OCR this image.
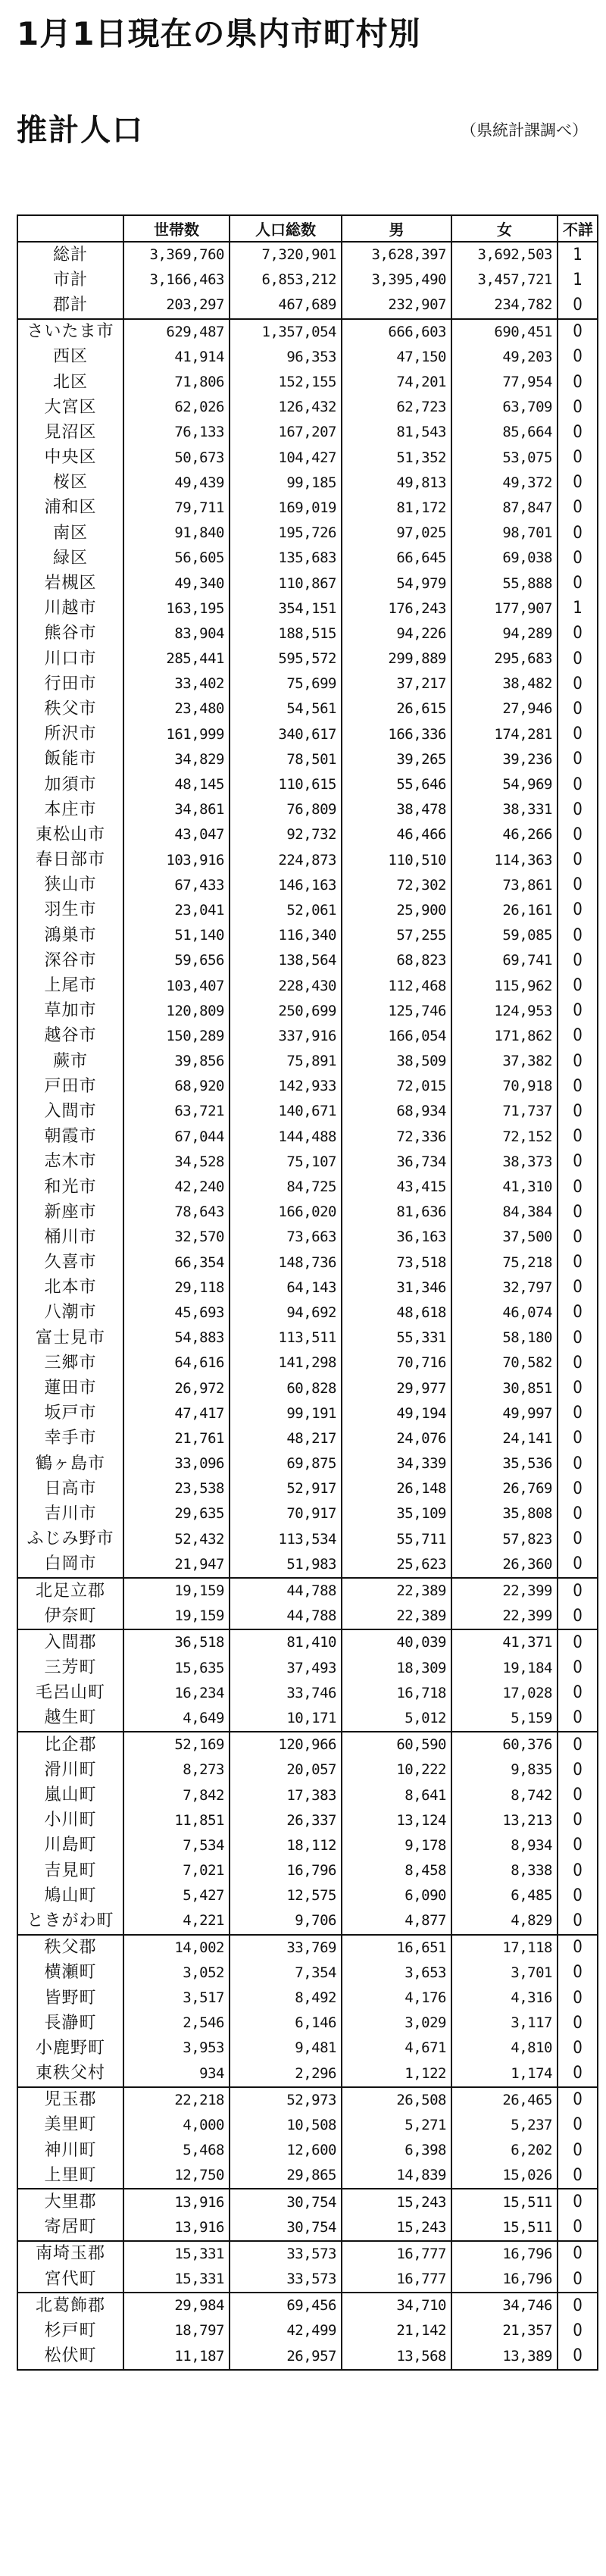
1月1日現在の県内市町村別
推計人口	（県統計課調べ）

	世帯数	人口総数	男	女	不詳
総計	3,369,760	7,320,901	3,628,397	3,692,503	1
市計	3,166,463	6,853,212	3,395,490	3,457,721	1
郡計	203,297	467,689	232,907	234,782	0
さいたま市	629,487	1,357,054	666,603	690,451	0
西区	41,914	96,353	47,150	49,203	0
北区	71,806	152,155	74,201	77,954	0
大宮区	62,026	126,432	62,723	63,709	0
見沼区	76,133	167,207	81,543	85,664	0
中央区	50,673	104,427	51,352	53,075	0
桜区	49,439	99,185	49,813	49,372	0
浦和区	79,711	169,019	81,172	87,847	0
南区	91,840	195,726	97,025	98,701	0
緑区	56,605	135,683	66,645	69,038	0
岩槻区	49,340	110,867	54,979	55,888	0
川越市	163,195	354,151	176,243	177,907	1
熊谷市	83,904	188,515	94,226	94,289	0
川口市	285,441	595,572	299,889	295,683	0
行田市	33,402	75,699	37,217	38,482	0
秩父市	23,480	54,561	26,615	27,946	0
所沢市	161,999	340,617	166,336	174,281	0
飯能市	34,829	78,501	39,265	39,236	0
加須市	48,145	110,615	55,646	54,969	0
本庄市	34,861	76,809	38,478	38,331	0
東松山市	43,047	92,732	46,466	46,266	0
春日部市	103,916	224,873	110,510	114,363	0
狭山市	67,433	146,163	72,302	73,861	0
羽生市	23,041	52,061	25,900	26,161	0
鴻巣市	51,140	116,340	57,255	59,085	0
深谷市	59,656	138,564	68,823	69,741	0
上尾市	103,407	228,430	112,468	115,962	0
草加市	120,809	250,699	125,746	124,953	0
越谷市	150,289	337,916	166,054	171,862	0
蕨市	39,856	75,891	38,509	37,382	0
戸田市	68,920	142,933	72,015	70,918	0
入間市	63,721	140,671	68,934	71,737	0
朝霞市	67,044	144,488	72,336	72,152	0
志木市	34,528	75,107	36,734	38,373	0
和光市	42,240	84,725	43,415	41,310	0
新座市	78,643	166,020	81,636	84,384	0
桶川市	32,570	73,663	36,163	37,500	0
久喜市	66,354	148,736	73,518	75,218	0
北本市	29,118	64,143	31,346	32,797	0
八潮市	45,693	94,692	48,618	46,074	0
富士見市	54,883	113,511	55,331	58,180	0
三郷市	64,616	141,298	70,716	70,582	0
蓮田市	26,972	60,828	29,977	30,851	0
坂戸市	47,417	99,191	49,194	49,997	0
幸手市	21,761	48,217	24,076	24,141	0
鶴ヶ島市	33,096	69,875	34,339	35,536	0
日高市	23,538	52,917	26,148	26,769	0
吉川市	29,635	70,917	35,109	35,808	0
ふじみ野市	52,432	113,534	55,711	57,823	0
白岡市	21,947	51,983	25,623	26,360	0
北足立郡	19,159	44,788	22,389	22,399	0
伊奈町	19,159	44,788	22,389	22,399	0
入間郡	36,518	81,410	40,039	41,371	0
三芳町	15,635	37,493	18,309	19,184	0
毛呂山町	16,234	33,746	16,718	17,028	0
越生町	4,649	10,171	5,012	5,159	0
比企郡	52,169	120,966	60,590	60,376	0
滑川町	8,273	20,057	10,222	9,835	0
嵐山町	7,842	17,383	8,641	8,742	0
小川町	11,851	26,337	13,124	13,213	0
川島町	7,534	18,112	9,178	8,934	0
吉見町	7,021	16,796	8,458	8,338	0
鳩山町	5,427	12,575	6,090	6,485	0
ときがわ町	4,221	9,706	4,877	4,829	0
秩父郡	14,002	33,769	16,651	17,118	0
横瀬町	3,052	7,354	3,653	3,701	0
皆野町	3,517	8,492	4,176	4,316	0
長瀞町	2,546	6,146	3,029	3,117	0
小鹿野町	3,953	9,481	4,671	4,810	0
東秩父村	934	2,296	1,122	1,174	0
児玉郡	22,218	52,973	26,508	26,465	0
美里町	4,000	10,508	5,271	5,237	0
神川町	5,468	12,600	6,398	6,202	0
上里町	12,750	29,865	14,839	15,026	0
大里郡	13,916	30,754	15,243	15,511	0
寄居町	13,916	30,754	15,243	15,511	0
南埼玉郡	15,331	33,573	16,777	16,796	0
宮代町	15,331	33,573	16,777	16,796	0
北葛飾郡	29,984	69,456	34,710	34,746	0
杉戸町	18,797	42,499	21,142	21,357	0
松伏町	11,187	26,957	13,568	13,389	0
